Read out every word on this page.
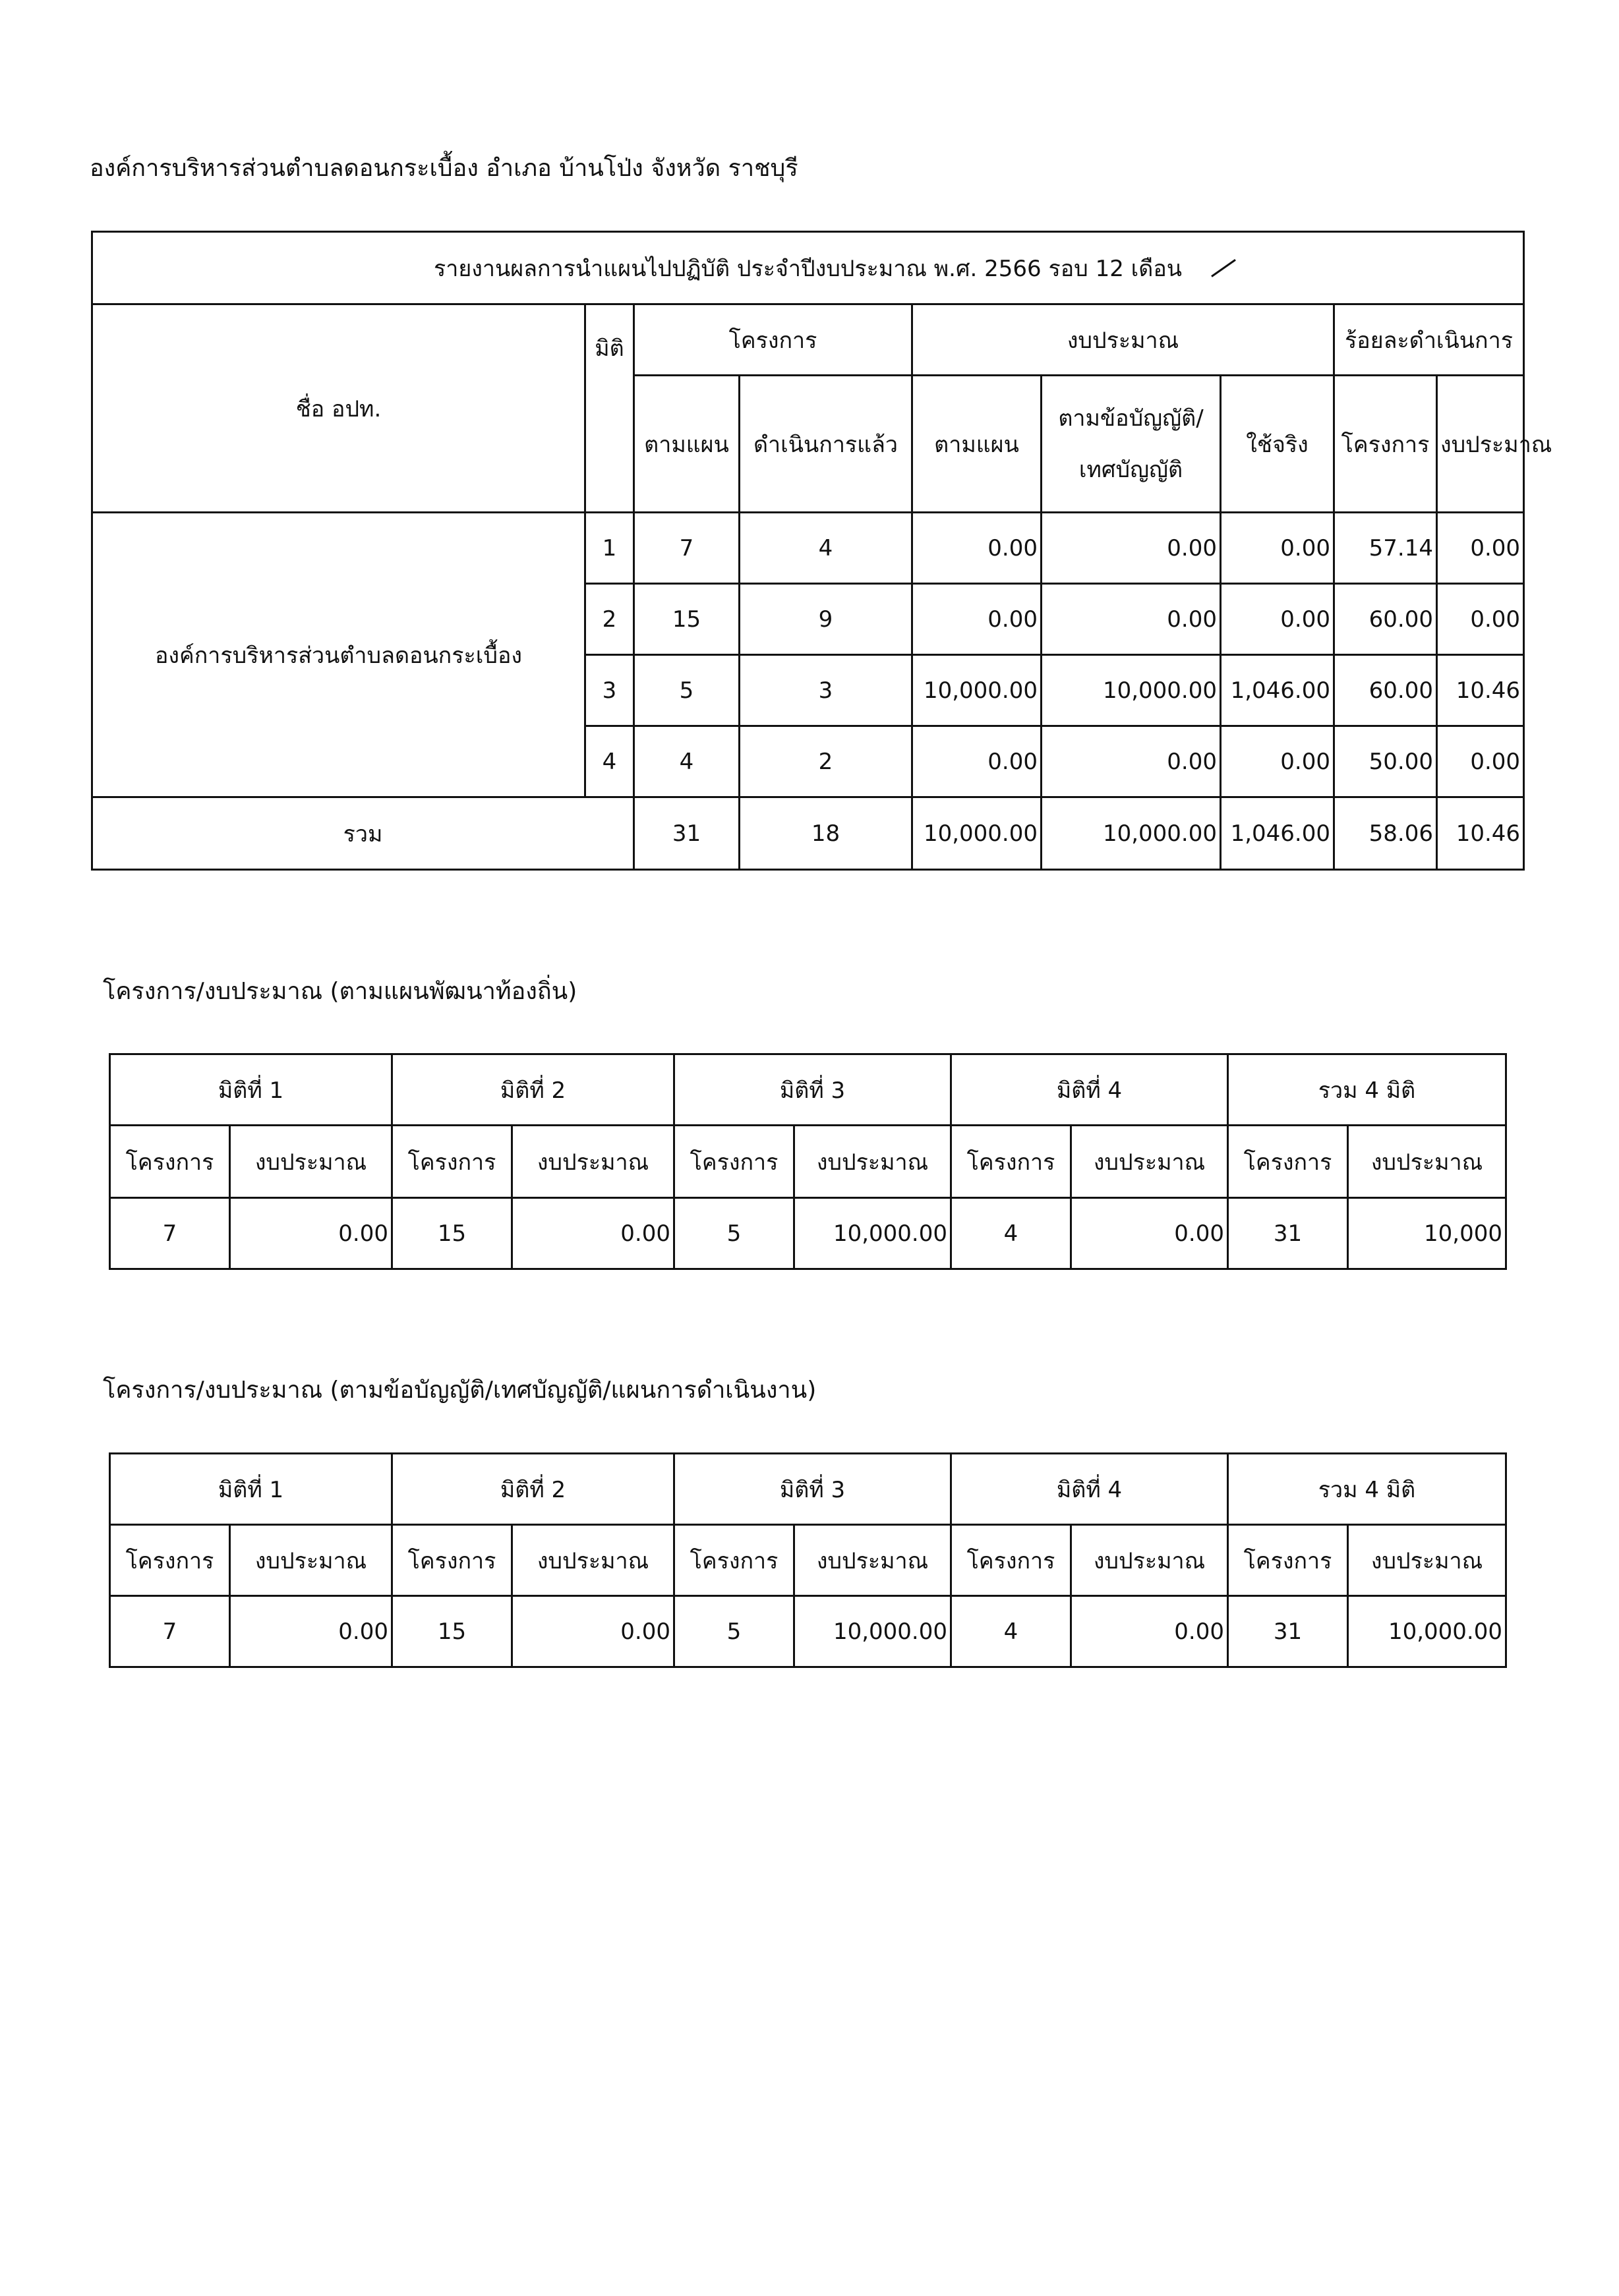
องค์การบริหารส่วนตำบลดอนกระเบื้อง อำเภอ บ้านโป่ง จังหวัด ราชบุรี
รายงานผลการนำแผนไปปฏิบัติ ประจำปีงบประมาณ พ.ศ. 2566 รอบ 12 เดือน								
ชื่อ อปท.	มิติ	โครงการ		งบประมาณ			ร้อยละดำเนินการ	
		ตามแผน	ดำเนินการแล้ว	ตามแผน	ตามข้อบัญญัติ/
เทศบัญญัติ	ใช้จริง	โครงการ	งบประมาณ
องค์การบริหารส่วนตำบลดอนกระเบื้อง	1	7	4	0.00	0.00	0.00	57.14	0.00
	2	15	9	0.00	0.00	0.00	60.00	0.00
	3	5	3	10,000.00	10,000.00	1,046.00	60.00	10.46
	4	4	2	0.00	0.00	0.00	50.00	0.00
รวม		31	18	10,000.00	10,000.00	1,046.00	58.06	10.46
โครงการ/งบประมาณ (ตามแผนพัฒนาท้องถิ่น)
มิติที่ 1		มิติที่ 2		มิติที่ 3		มิติที่ 4		รวม 4 มิติ	
โครงการ	งบประมาณ	โครงการ	งบประมาณ	โครงการ	งบประมาณ	โครงการ	งบประมาณ	โครงการ	งบประมาณ
7	0.00	15	0.00	5	10,000.00	4	0.00	31	10,000
โครงการ/งบประมาณ (ตามข้อบัญญัติ/เทศบัญญัติ/แผนการดำเนินงาน)
มิติที่ 1		มิติที่ 2		มิติที่ 3		มิติที่ 4		รวม 4 มิติ	
โครงการ	งบประมาณ	โครงการ	งบประมาณ	โครงการ	งบประมาณ	โครงการ	งบประมาณ	โครงการ	งบประมาณ
7	0.00	15	0.00	5	10,000.00	4	0.00	31	10,000.00
